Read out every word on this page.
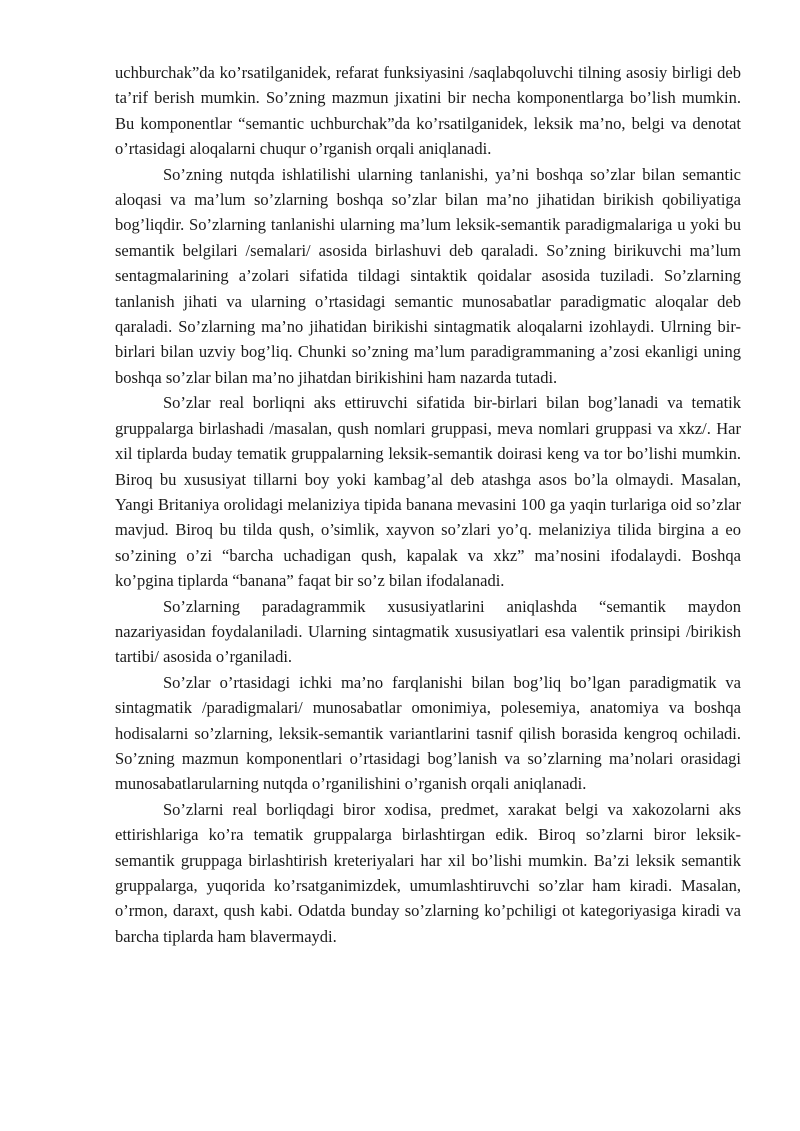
uchburchak”da ko’rsatilganidek, refarat funksiyasini /saqlabqoluvchi tilning asosiy birligi deb ta’rif berish mumkin. So’zning mazmun jixatini bir necha komponentlarga bo’lish mumkin. Bu komponentlar “semantic uchburchak”da ko’rsatilganidek, leksik ma’no, belgi va denotat o’rtasidagi aloqalarni chuqur o’rganish orqali aniqlanadi.

So’zning nutqda ishlatilishi ularning tanlanishi, ya’ni boshqa so’zlar bilan semantic aloqasi va ma’lum so’zlarning boshqa so’zlar bilan ma’no jihatidan birikish qobiliyatiga bog’liqdir. So’zlarning tanlanishi ularning ma’lum leksik-semantik paradigmalariga u yoki bu semantik belgilari /semalari/ asosida birlashuvi deb qaraladi. So’zning birikuvchi ma’lum sentagmalarining a’zolari sifatida tildagi sintaktik qoidalar asosida tuziladi. So’zlarning tanlanish jihati va ularning o’rtasidagi semantic munosabatlar paradigmatic aloqalar deb qaraladi. So’zlarning ma’no jihatidan birikishi sintagmatik aloqalarni izohlaydi. Ulrning bir-birlari bilan uzviy bog’liq. Chunki so’zning ma’lum paradigrammaning a’zosi ekanligi uning boshqa so’zlar bilan ma’no jihatdan birikishini ham nazarda tutadi.

So’zlar real borliqni aks ettiruvchi sifatida bir-birlari bilan bog’lanadi va tematik gruppalarga birlashadi /masalan, qush nomlari gruppasi, meva nomlari gruppasi va xkz/. Har xil tiplarda buday tematik gruppalarning leksik-semantik doirasi keng va tor bo’lishi mumkin. Biroq bu xususiyat tillarni boy yoki kambag’al deb atashga asos bo’la olmaydi. Masalan, Yangi Britaniya orolidagi melaniziya tipida banana mevasini 100 ga yaqin turlariga oid so’zlar mavjud. Biroq bu tilda qush, o’simlik, xayvon so’zlari yo’q. melaniziya tilida birgina a eo so’zining o’zi “barcha uchadigan qush, kapalak va xkz” ma’nosini ifodalaydi. Boshqa ko’pgina tiplarda “banana” faqat bir so’z bilan ifodalanadi.

So’zlarning paradagrammik xususiyatlarini aniqlashda “semantik maydon nazariyasidan foydalaniladi. Ularning sintagmatik xususiyatlari esa valentik prinsipi /birikish tartibi/ asosida o’rganiladi.

So’zlar o’rtasidagi ichki ma’no farqlanishi bilan bog’liq bo’lgan paradigmatik va sintagmatik /paradigmalari/ munosabatlar omonimiya, polesemiya, anatomiya va boshqa hodisalarni so’zlarning, leksik-semantik variantlarini tasnif qilish borasida kengroq ochiladi. So’zning mazmun komponentlari o’rtasidagi bog’lanish va so’zlarning ma’nolari orasidagi munosabatlarularning nutqda o’rganilishini o’rganish orqali aniqlanadi.

So’zlarni real borliqdagi biror xodisa, predmet, xarakat belgi va xakozolarni aks ettirishlariga ko’ra tematik gruppalarga birlashtirgan edik. Biroq so’zlarni biror leksik-semantik gruppaga birlashtirish kreteriyalari har xil bo’lishi mumkin. Ba’zi leksik semantik gruppalarga, yuqorida ko’rsatganimizdek, umumlashtiruvchi so’zlar ham kiradi. Masalan, o’rmon, daraxt, qush kabi. Odatda bunday so’zlarning ko’pchiligi ot kategoriyasiga kiradi va barcha tiplarda ham blavermaydi.
